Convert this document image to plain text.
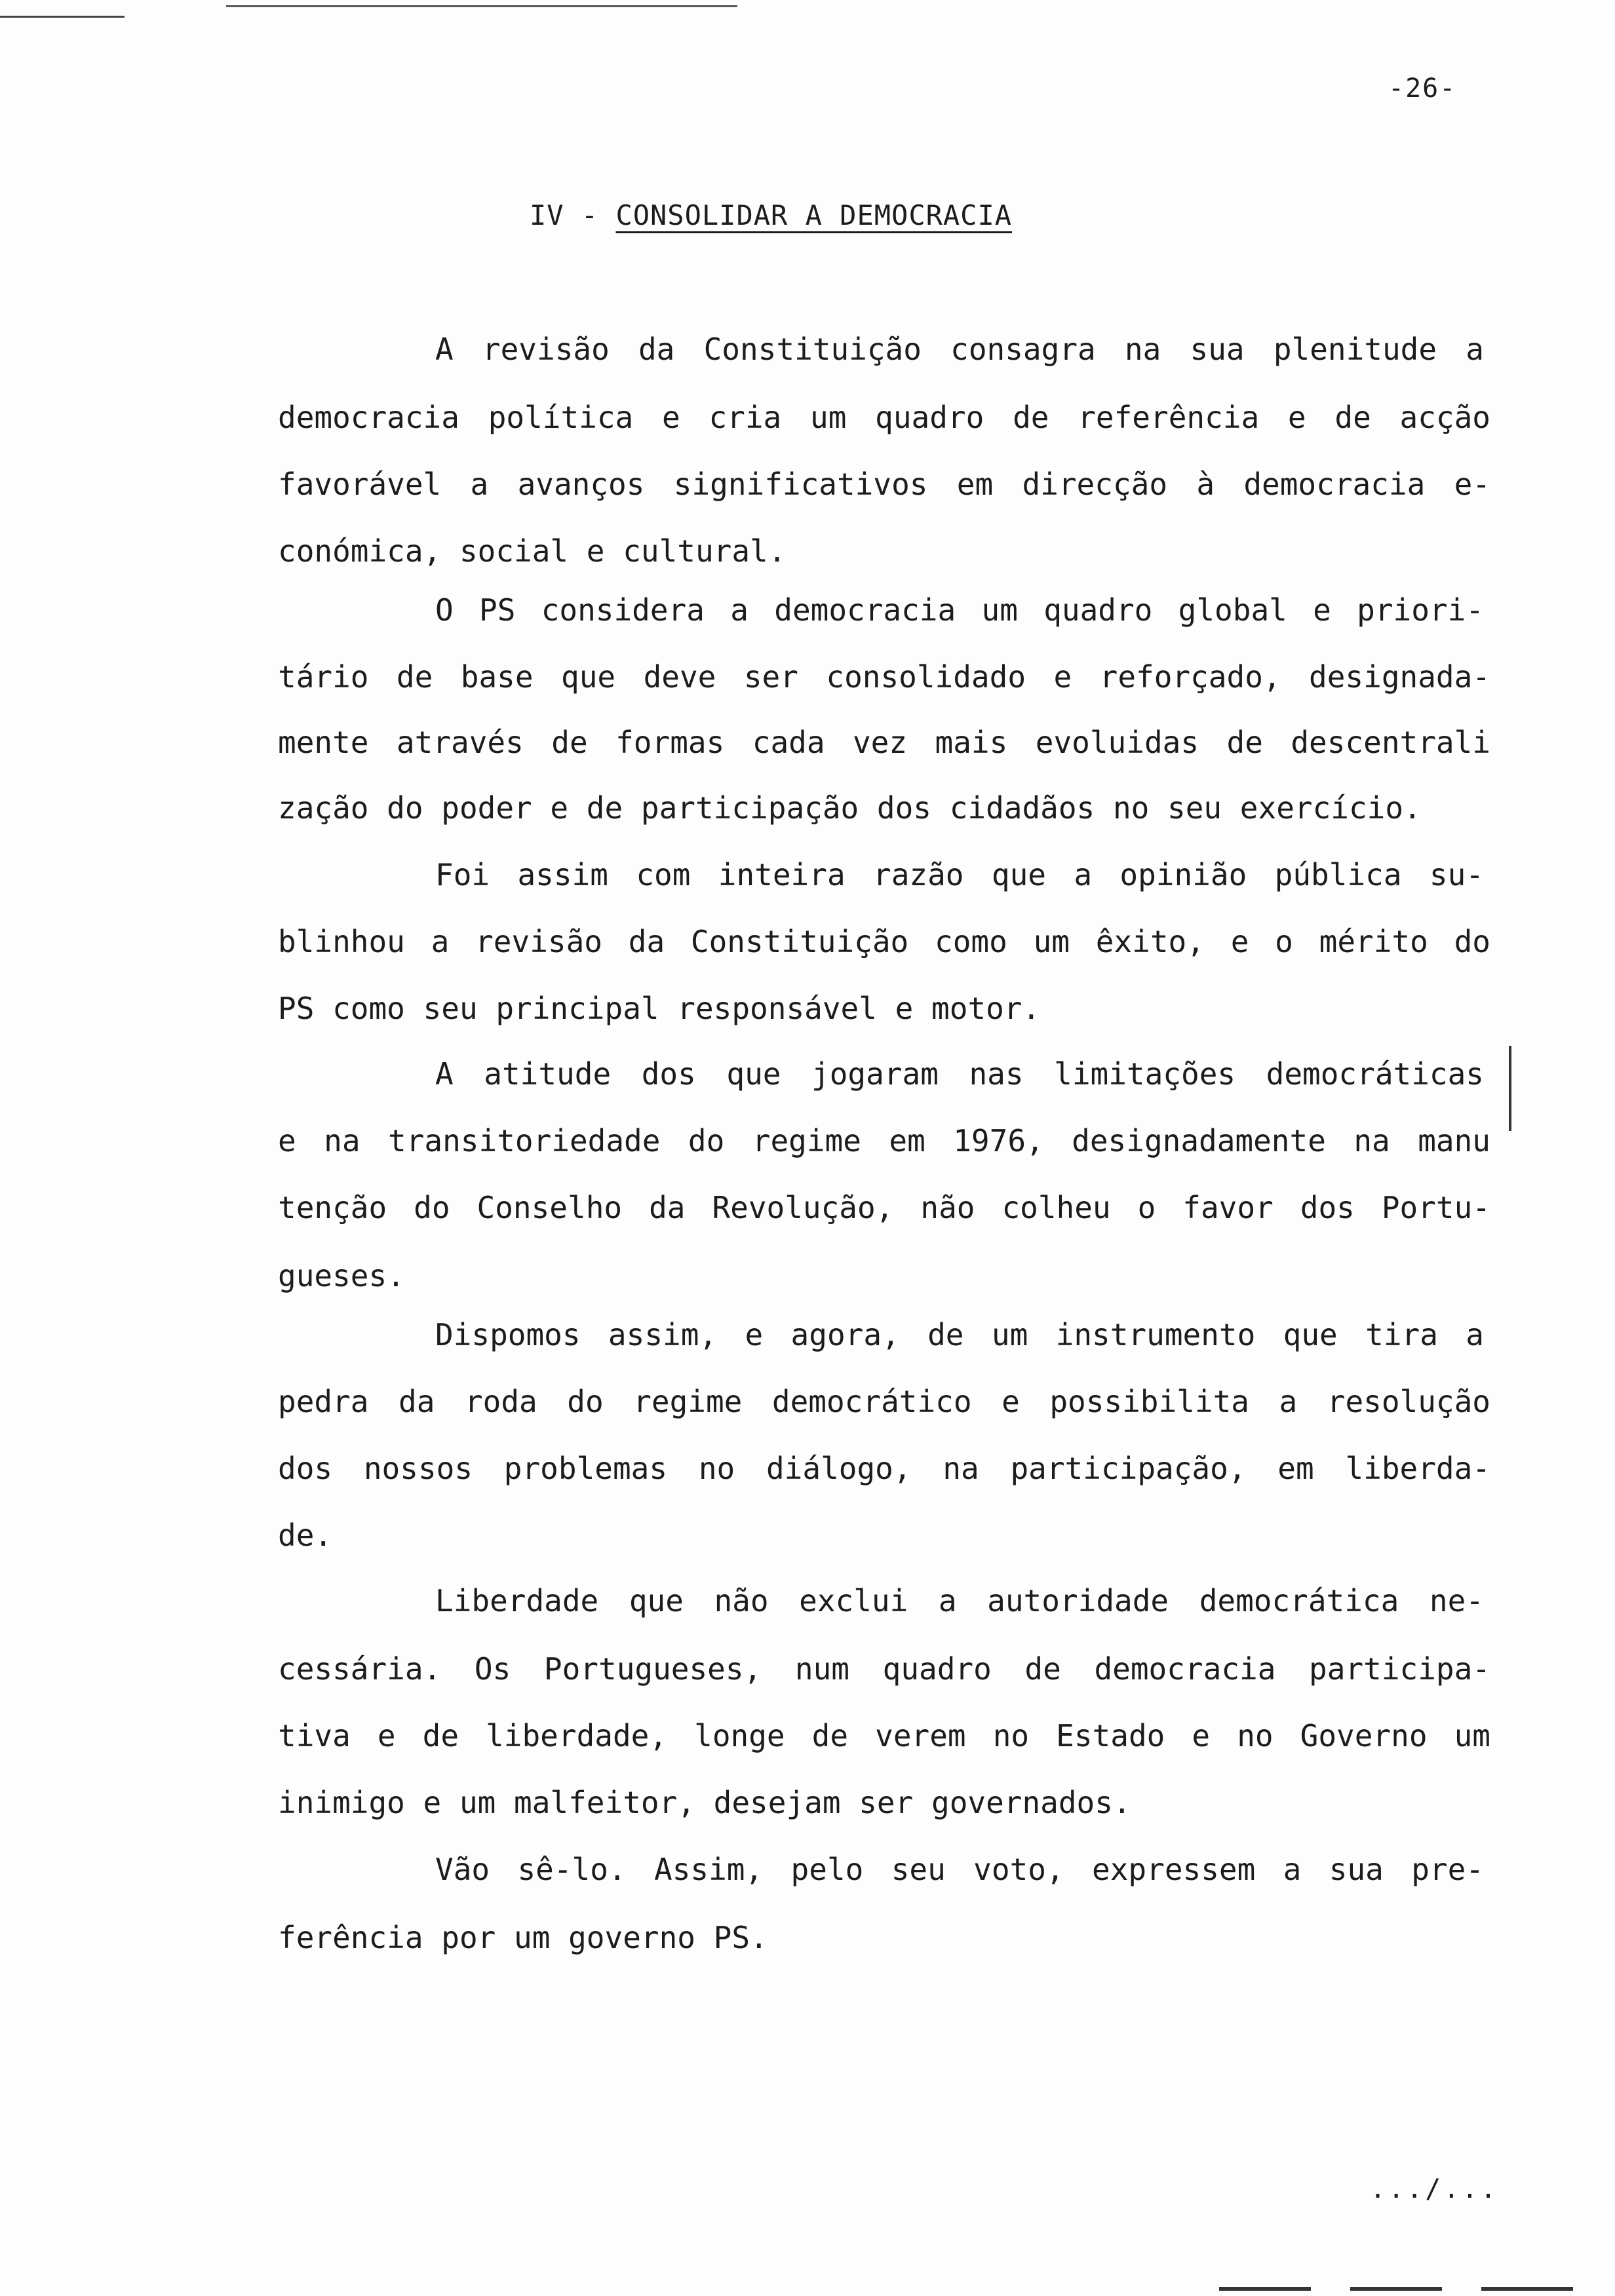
-26-
IV - CONSOLIDAR A DEMOCRACIA
A revisão da Constituição consagra na sua plenitude a
democracia política e cria um quadro de referência e de acção
favorável a avanços significativos em direcção à democracia e-
conómica, social e cultural.
O PS considera a democracia um quadro global e priori-
tário de base que deve ser consolidado e reforçado, designada-
mente através de formas cada vez mais evoluidas de descentrali
zação do poder e de participação dos cidadãos no seu exercício.
Foi assim com inteira razão que a opinião pública su-
blinhou a revisão da Constituição como um êxito, e o mérito do
PS como seu principal responsável e motor.
A atitude dos que jogaram nas limitações democráticas
e na transitoriedade do regime em 1976, designadamente na manu
tenção do Conselho da Revolução, não colheu o favor dos Portu-
gueses.
Dispomos assim, e agora, de um instrumento que tira a
pedra da roda do regime democrático e possibilita a resolução
dos nossos problemas no diálogo, na participação, em liberda-
de.
Liberdade que não exclui a autoridade democrática ne-
cessária. Os Portugueses, num quadro de democracia participa-
tiva e de liberdade, longe de verem no Estado e no Governo um
inimigo e um malfeitor, desejam ser governados.
Vão sê-lo. Assim, pelo seu voto, expressem a sua pre-
ferência por um governo PS.
.../...
